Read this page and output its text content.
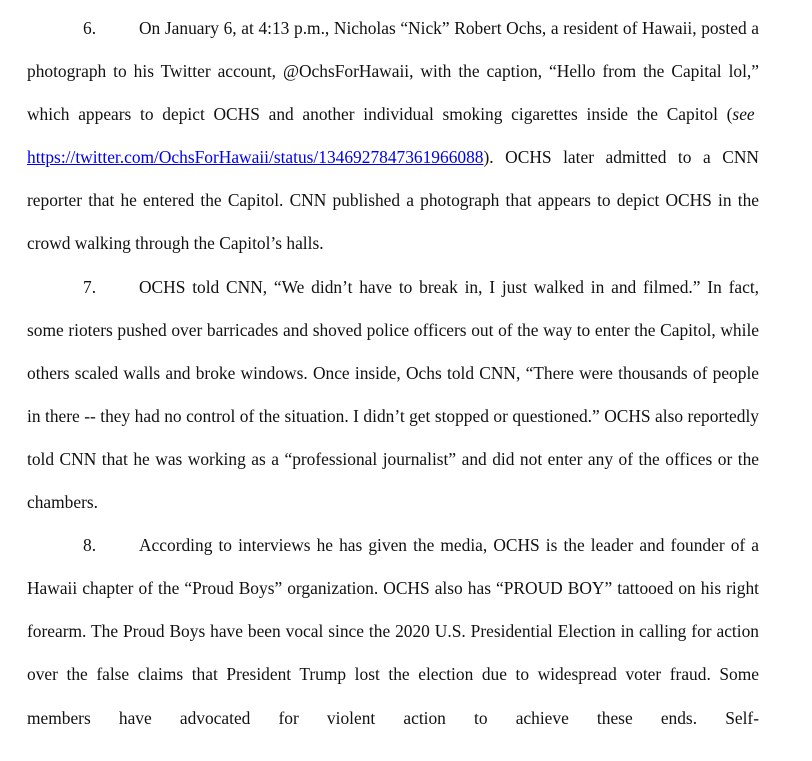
6. On January 6, at 4:13 p.m., Nicholas “Nick” Robert Ochs, a resident of Hawaii, posted a photograph to his Twitter account, @OchsForHawaii, with the caption, “Hello from the Capital lol,” which appears to depict OCHS and another individual smoking cigarettes inside the Capitol (see  https://twitter.com/OchsForHawaii/status/1346927847361966088). OCHS later admitted to a CNN reporter that he entered the Capitol. CNN published a photograph that appears to depict OCHS in the crowd walking through the Capitol’s halls.

7. OCHS told CNN, “We didn’t have to break in, I just walked in and filmed.” In fact, some rioters pushed over barricades and shoved police officers out of the way to enter the Capitol, while others scaled walls and broke windows. Once inside, Ochs told CNN, “There were thousands of people in there -- they had no control of the situation. I didn’t get stopped or questioned.” OCHS also reportedly told CNN that he was working as a “professional journalist” and did not enter any of the offices or the chambers.

8. According to interviews he has given the media, OCHS is the leader and founder of a Hawaii chapter of the “Proud Boys” organization. OCHS also has “PROUD BOY” tattooed on his right forearm. The Proud Boys have been vocal since the 2020 U.S. Presidential Election in calling for action over the false claims that President Trump lost the election due to widespread voter fraud. Some members have advocated for violent action to achieve these ends. Self-
